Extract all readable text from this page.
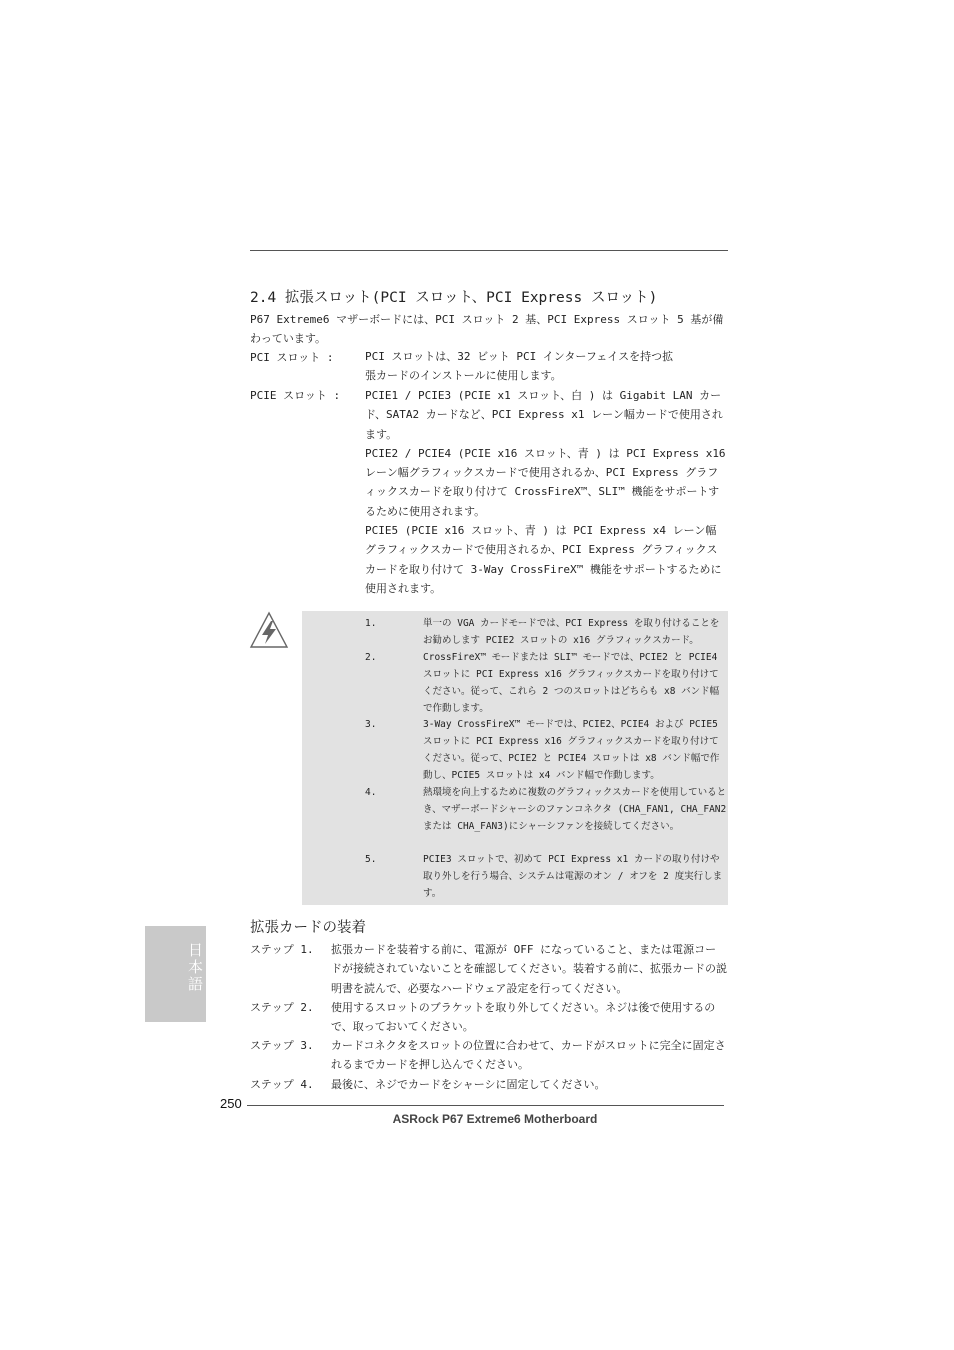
2.4 拡張スロット(PCI スロット、PCI Express スロット)
P67 Extreme6 マザーボードには、PCI スロット 2 基、PCI Express スロット 5 基が備わっています。
PCI スロット :	PCI スロットは、32 ビット PCI インターフェイスを持つ拡張カードのインストールに使用します。
PCIE スロット : PCIE1 / PCIE3 (PCIE x1 スロット、白 ) は Gigabit LAN カード、SATA2 カードなど、PCI Express x1 レーン幅カードで使用されます。

PCIE2 / PCIE4 (PCIE x16 スロット、青 ) は PCI Express x16 レーン幅グラフィックスカードで使用されるか、PCI Express グラフィックスカードを取り付けて CrossFireX™、SLI™ 機能をサポートするために使用されます。

PCIE5 (PCIE x16 スロット、青 ) は PCI Express x4 レーン幅グラフィックスカードで使用されるか、PCI Express グラフィックスカードを取り付けて 3-Way CrossFireX™ 機能をサポートするために使用されます。

1.	単一の VGA カードモードでは、PCI Express を取り付けることをお勧めします PCIE2 スロットの x16 グラフィックスカード。
2.	CrossFireX™ モードまたは SLI™ モードでは、PCIE2 と PCIE4 スロットに PCI Express x16 グラフィックスカードを取り付けてください。従って、これら 2 つのスロットはどちらも x8 バンド幅で作動します。
3.	3-Way CrossFireX™ モードでは、PCIE2、PCIE4 および PCIE5 スロットに PCI Express x16 グラフィックスカードを取り付けてください。従って、PCIE2 と PCIE4 スロットは x8 バンド幅で作動し、PCIE5 スロットは x4 バンド幅で作動します。
4.	熱環境を向上するために複数のグラフィックスカードを使用しているとき、マザーボードシャーシのファンコネクタ (CHA_FAN1, CHA_FAN2 または CHA_FAN3)にシャーシファンを接続してください。
5.	PCIE3 スロットで、初めて PCI Express x1 カードの取り付けや取り外しを行う場合、システムは電源のオン / オフを 2 度実行します。
拡張カードの装着
ステップ 1. 拡張カードを装着する前に、電源が OFF になっていること、または電源コードが接続されていないことを確認してください。装着する前に、拡張カードの説明書を読んで、必要なハードウェア設定を行ってください。
ステップ 2. 使用するスロットのブラケットを取り外してください。ネジは後で使用するので、取っておいてください。
ステップ 3. カードコネクタをスロットの位置に合わせて、カードがスロットに完全に固定されるまでカードを押し込んでください。
ステップ 4. 最後に、ネジでカードをシャーシに固定してください。
日本語
250
ASRock P67 Extreme6 Motherboard
